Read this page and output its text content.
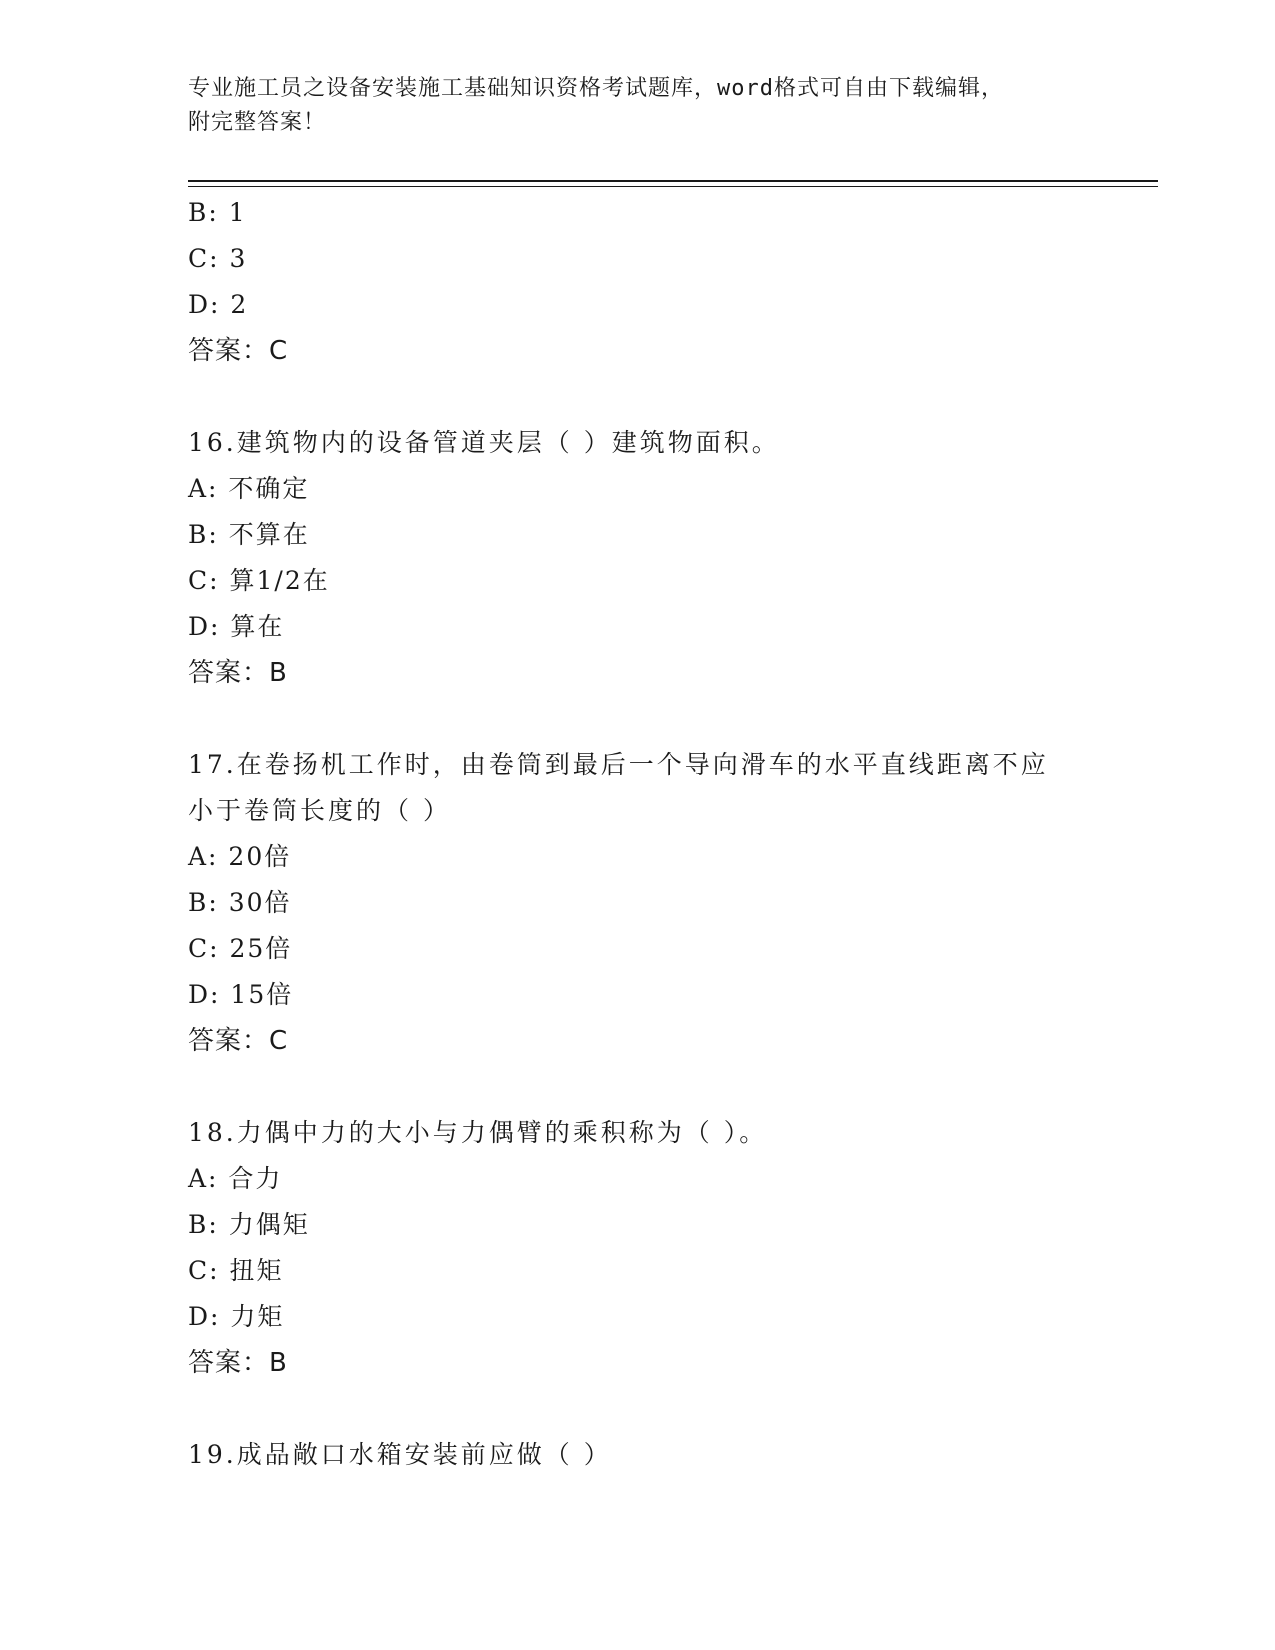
专业施工员之设备安装施工基础知识资格考试题库，word格式可自由下载编辑，
附完整答案！
B: 1
C: 3
D: 2
答案：C
16.建筑物内的设备管道夹层（ ）建筑物面积。
A: 不确定
B: 不算在
C: 算1/2在
D: 算在
答案：B
17.在卷扬机工作时，由卷筒到最后一个导向滑车的水平直线距离不应
小于卷筒长度的（ ）
A: 20倍
B: 30倍
C: 25倍
D: 15倍
答案：C
18.力偶中力的大小与力偶臂的乘积称为（ ）。
A: 合力
B: 力偶矩
C: 扭矩
D: 力矩
答案：B
19.成品敞口水箱安装前应做（ ）
